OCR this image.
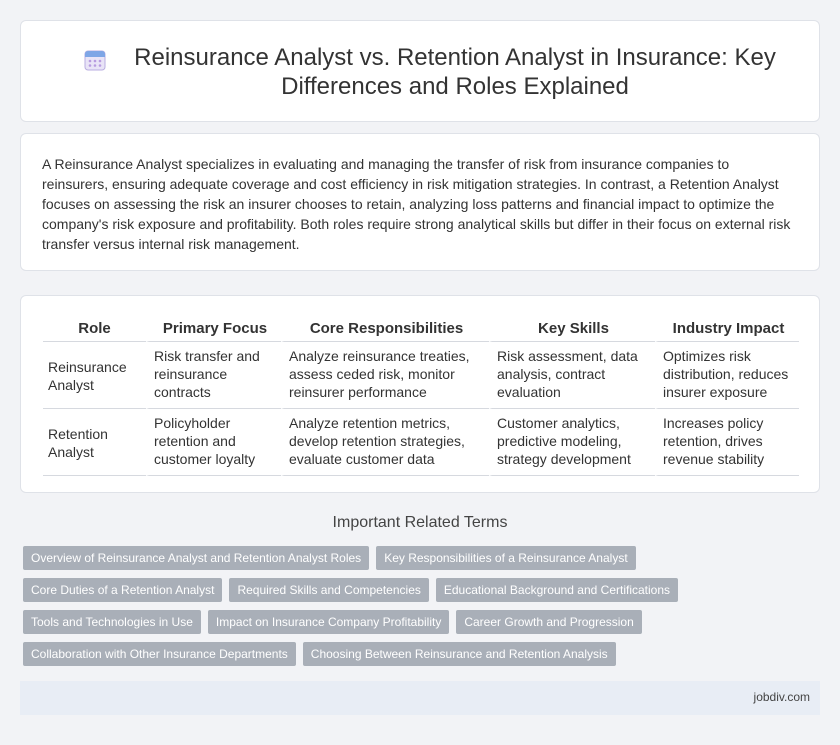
Reinsurance Analyst vs. Retention Analyst in Insurance: Key Differences and Roles Explained

A Reinsurance Analyst specializes in evaluating and managing the transfer of risk from insurance companies to reinsurers, ensuring adequate coverage and cost efficiency in risk mitigation strategies. In contrast, a Retention Analyst focuses on assessing the risk an insurer chooses to retain, analyzing loss patterns and financial impact to optimize the company's risk exposure and profitability. Both roles require strong analytical skills but differ in their focus on external risk transfer versus internal risk management.

Role	Primary Focus	Core Responsibilities	Key Skills	Industry Impact
Reinsurance Analyst	Risk transfer and reinsurance contracts	Analyze reinsurance treaties, assess ceded risk, monitor reinsurer performance	Risk assessment, data analysis, contract evaluation	Optimizes risk distribution, reduces insurer exposure
Retention Analyst	Policyholder retention and customer loyalty	Analyze retention metrics, develop retention strategies, evaluate customer data	Customer analytics, predictive modeling, strategy development	Increases policy retention, drives revenue stability
Important Related Terms
Overview of Reinsurance Analyst and Retention Analyst Roles	Key Responsibilities of a Reinsurance Analyst
Core Duties of a Retention Analyst	Required Skills and Competencies	Educational Background and Certifications
Tools and Technologies in Use	Impact on Insurance Company Profitability	Career Growth and Progression
Collaboration with Other Insurance Departments	Choosing Between Reinsurance and Retention Analysis
jobdiv.com
